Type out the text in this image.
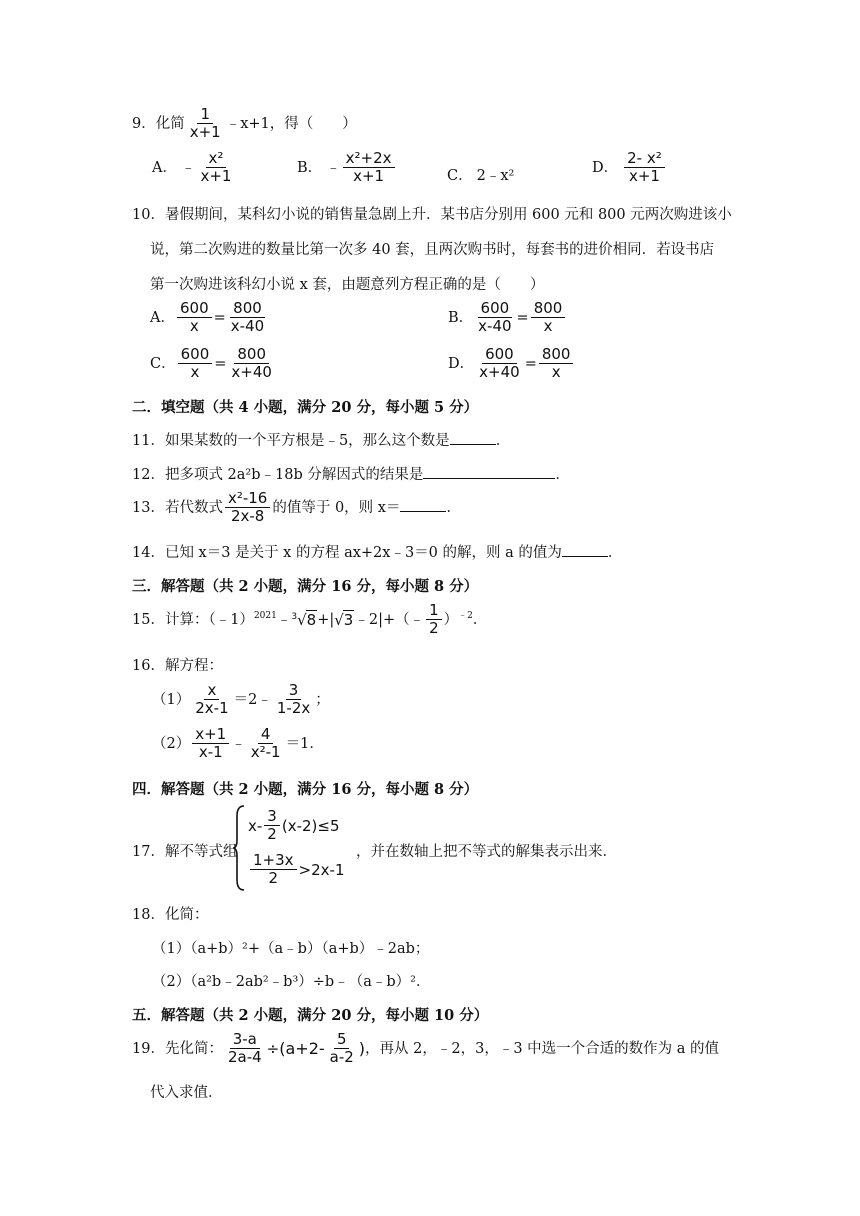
9．化简 $\frac{1}{x+1}$ ﹣x+1，得（　　）
A． ﹣ $\frac{\text{x²}}{x+1}$	B． ﹣ $\frac{\text{x²+2x}}{x+1}$	C． 2﹣x²
D． $\frac{\text{2- x²}}{x+1}$
10．暑假期间，某科幻小说的销售量急剧上升．某书店分别用 600 元和 800 元两次购进该小
说，第二次购进的数量比第一次多 40 套，且两次购书时，每套书的进价相同．若设书店
第一次购进该科幻小说 x 套，由题意列方程正确的是（　　）
A． $\frac{600}{x} = \frac{800}{x-40}$	B． $\frac{600}{x-40} = \frac{800}{x}$
C． $\frac{600}{x} = \frac{800}{x+40}$	D． $\frac{600}{x+40} = \frac{800}{x}$
二．填空题（共 4 小题，满分 20 分，每小题 5 分）
11．如果某数的一个平方根是﹣5，那么这个数是	．
12．把多项式 2a²b﹣18b 分解因式的结果是	．
13．若代数式 $\frac{\text{x²-16}}{2x-8}$ 的值等于 0，则 x＝	．
14．已知 x＝3 是关于 x 的方程 ax+2x﹣3＝0 的解，则 a 的值为	．
三．解答题（共 2 小题，满分 16 分，每小题 8 分）
15．计算：（﹣1）$^{2021}$﹣$^3$√8+|√3﹣2|+（﹣ $\frac{1}{2} )^{﹣2}$．
16．解方程：
$(1) \frac{x}{2x-1}$ ＝2﹣ $\frac{3}{1-2x}$ ；
$(2) \frac{x+1}{x-1}$ ﹣ $\frac{4}{\text{x²-1}} =1$．
四．解答题（共 2 小题，满分 16 分，每小题 8 分）
17．解不等式组
$x- \frac{3}{2} (x-2)\le 5$
$\frac{1+3x}{2} >2x-1$
，并在数轴上把不等式的解集表示出来．
18．化简：
（1）（a+b）²+（a﹣b）（a+b）﹣2ab；
（2）（a²b﹣2ab²﹣b³）÷b﹣（a﹣b）²．
五．解答题（共 2 小题，满分 20 分，每小题 10 分）
19．先化简： $\frac{3-a}{2a-4} \div(a+2- \frac{5}{a-2}$ )，再从 2，﹣2，3，﹣3 中选一个合适的数作为 a 的值
代入求值．
